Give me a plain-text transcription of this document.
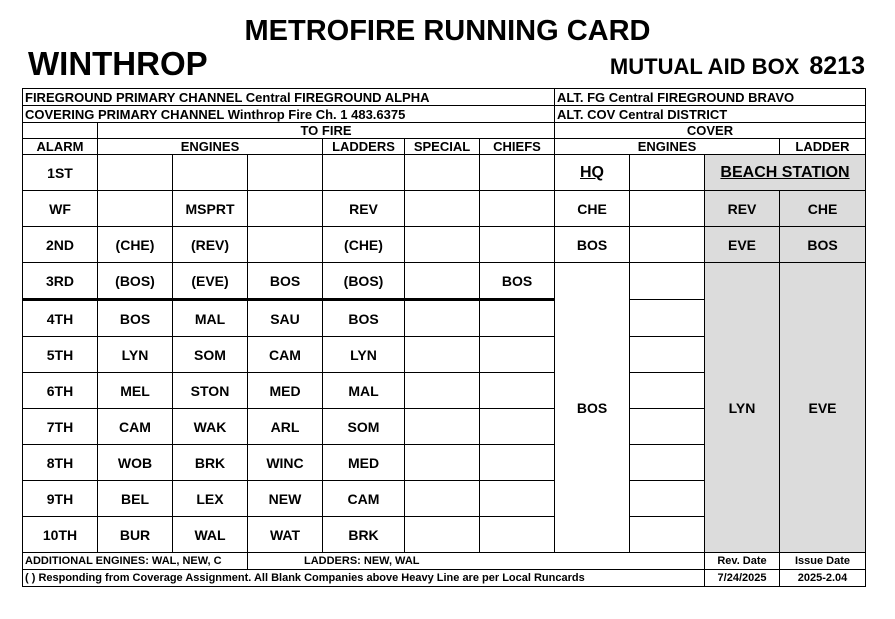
METROFIRE RUNNING CARD
WINTHROP	MUTUAL AID BOX 8213
FIREGROUND PRIMARY CHANNEL Central FIREGROUND ALPHA							ALT. FG Central FIREGROUND BRAVO			
COVERING PRIMARY CHANNEL Winthrop Fire Ch. 1 483.6375							ALT. COV Central DISTRICT			
	TO FIRE						COVER			
ALARM	ENGINES			LADDERS	SPECIAL	CHIEFS	ENGINES			LADDER
1ST							HQ		BEACH STATION	
WF		MSPRT		REV			CHE		REV	CHE
2ND	(CHE)	(REV)		(CHE)			BOS		EVE	BOS
3RD	(BOS)	(EVE)	BOS	(BOS)		BOS	BOS		LYN	EVE
4TH	BOS	MAL	SAU	BOS						
5TH	LYN	SOM	CAM	LYN						
6TH	MEL	STON	MED	MAL						
7TH	CAM	WAK	ARL	SOM						
8TH	WOB	BRK	WINC	MED						
9TH	BEL	LEX	NEW	CAM						
10TH	BUR	WAL	WAT	BRK						
ADDITIONAL ENGINES: WAL, NEW, C			LADDERS: NEW, WAL						Rev. Date	Issue Date
( ) Responding from Coverage Assignment. All Blank Companies above Heavy Line are per Local Runcards									7/24/2025	2025-2.04
